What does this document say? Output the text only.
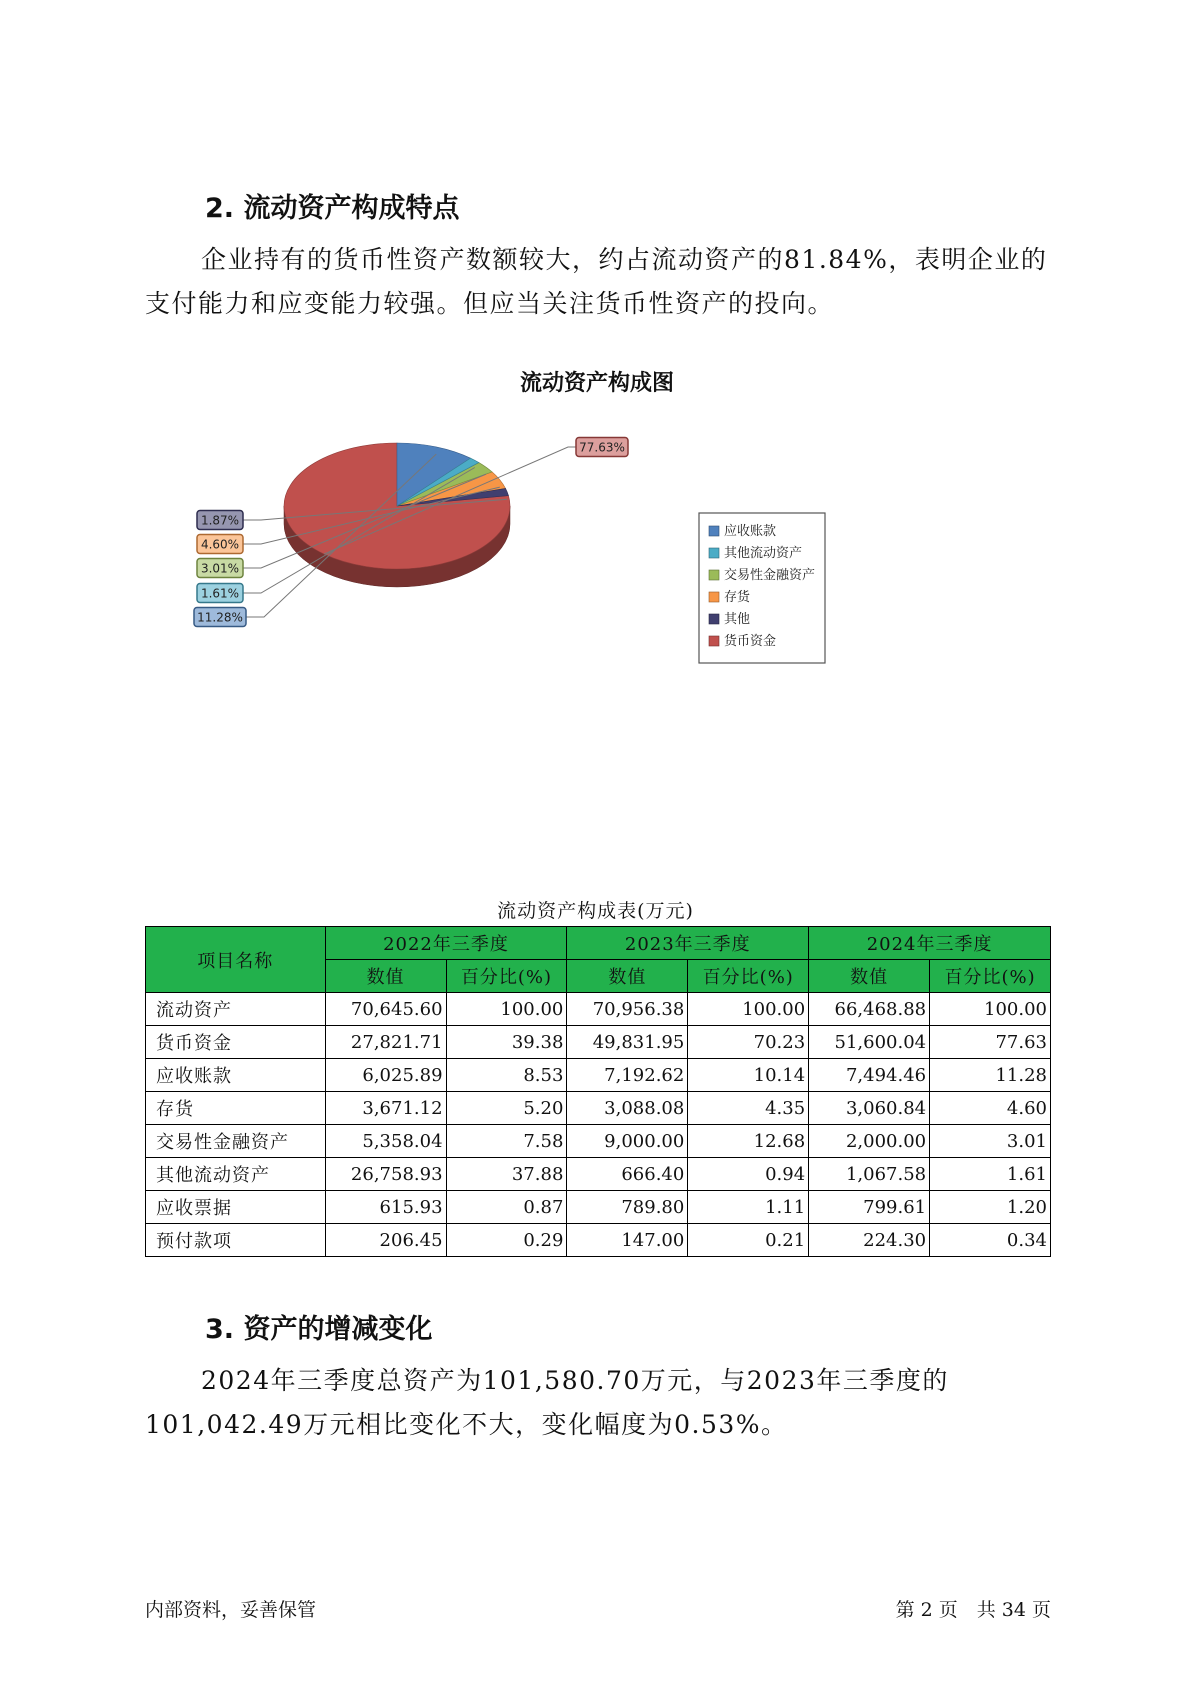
2. 流动资产构成特点

企业持有的货币性资产数额较大，约占流动资产的81.84%，表明企业的支付能力和应变能力较强。但应当关注货币性资产的投向。

流动资产构成图
11.28%
1.61%
3.01%
4.60%
1.87%
77.63%
应收账款
其他流动资产
交易性金融资产
存货
其他
货币资金
流动资产构成表(万元)
项目名称	2022年三季度		2023年三季度		2024年三季度	
	数值	百分比(%)	数值	百分比(%)	数值	百分比(%)
流动资产	70,645.60	100.00	70,956.38	100.00	66,468.88	100.00
货币资金	27,821.71	39.38	49,831.95	70.23	51,600.04	77.63
应收账款	6,025.89	8.53	7,192.62	10.14	7,494.46	11.28
存货	3,671.12	5.20	3,088.08	4.35	3,060.84	4.60
交易性金融资产	5,358.04	7.58	9,000.00	12.68	2,000.00	3.01
其他流动资产	26,758.93	37.88	666.40	0.94	1,067.58	1.61
应收票据	615.93	0.87	789.80	1.11	799.61	1.20
预付款项	206.45	0.29	147.00	0.21	224.30	0.34
3. 资产的增减变化

2024年三季度总资产为101,580.70万元，与2023年三季度的101,042.49万元相比变化不大，变化幅度为0.53%。

内部资料，妥善保管	第 2 页　共 34 页
